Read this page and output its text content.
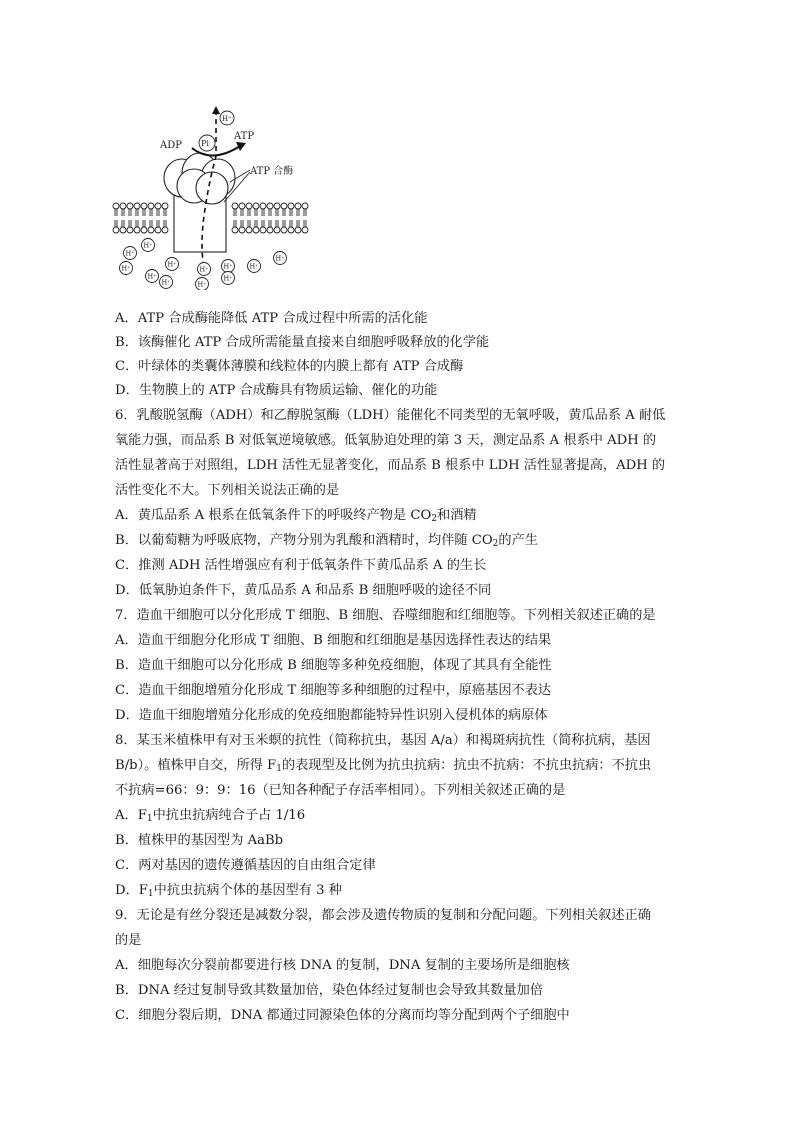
H⁺
Pi
ADP
ATP
ATP 合酶
H⁺
H⁺
H⁺
H⁺
H⁺
H⁺ H⁺	H⁺
H⁺
H⁺
H⁺
H⁺
A．ATP 合成酶能降低 ATP 合成过程中所需的活化能
B．该酶催化 ATP 合成所需能量直接来自细胞呼吸释放的化学能
C．叶绿体的类囊体薄膜和线粒体的内膜上都有 ATP 合成酶
D．生物膜上的 ATP 合成酶具有物质运输、催化的功能
6．乳酸脱氢酶（ADH）和乙醇脱氢酶（LDH）能催化不同类型的无氧呼吸，黄瓜品系 A 耐低
氧能力强，而品系 B 对低氧逆境敏感。低氧胁迫处理的第 3 天，测定品系 A 根系中 ADH 的
活性显著高于对照组，LDH 活性无显著变化，而品系 B 根系中 LDH 活性显著提高，ADH 的
活性变化不大。下列相关说法正确的是
A．黄瓜品系 A 根系在低氧条件下的呼吸终产物是 $CO_2$和酒精
B．以葡萄糖为呼吸底物，产物分别为乳酸和酒精时，均伴随 $CO_2$的产生
C．推测 ADH 活性增强应有利于低氧条件下黄瓜品系 A 的生长
D．低氧胁迫条件下，黄瓜品系 A 和品系 B 细胞呼吸的途径不同
7．造血干细胞可以分化形成 T 细胞、B 细胞、吞噬细胞和红细胞等。下列相关叙述正确的是
A．造血干细胞分化形成 T 细胞、B 细胞和红细胞是基因选择性表达的结果
B．造血干细胞可以分化形成 B 细胞等多种免疫细胞，体现了其具有全能性
C．造血干细胞增殖分化形成 T 细胞等多种细胞的过程中，原癌基因不表达
D．造血干细胞增殖分化形成的免疫细胞都能特异性识别入侵机体的病原体
8．某玉米植株甲有对玉米螟的抗性（简称抗虫，基因 A/a）和褐斑病抗性（简称抗病，基因
B/b）。植株甲自交，所得 $F_1$的表现型及比例为抗虫抗病：抗虫不抗病：不抗虫抗病：不抗虫
不抗病=66：9：9：16（已知各种配子存活率相同）。下列相关叙述正确的是
A．$F_1$中抗虫抗病纯合子占 1/16
B．植株甲的基因型为 AaBb
C．两对基因的遗传遵循基因的自由组合定律
D．$F_1$中抗虫抗病个体的基因型有 3 种
9．无论是有丝分裂还是减数分裂，都会涉及遗传物质的复制和分配问题。下列相关叙述正确
的是
A．细胞每次分裂前都要进行核 DNA 的复制，DNA 复制的主要场所是细胞核
B．DNA 经过复制导致其数量加倍，染色体经过复制也会导致其数量加倍
C．细胞分裂后期，DNA 都通过同源染色体的分离而均等分配到两个子细胞中
